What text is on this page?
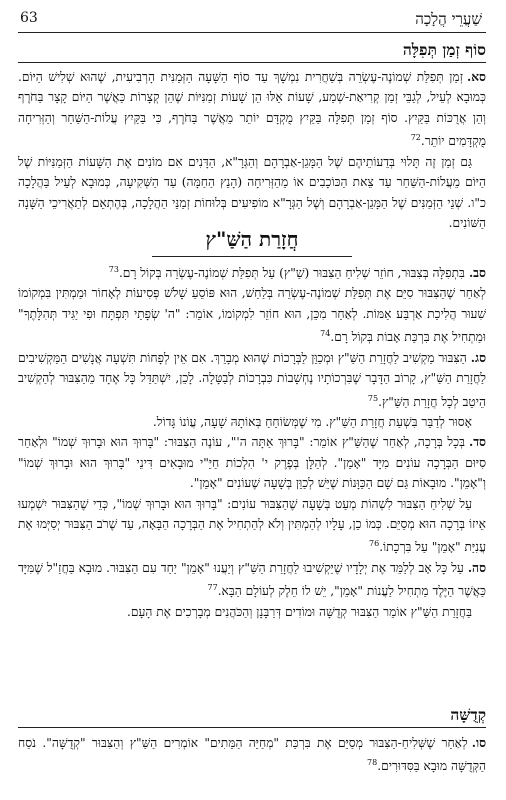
שַׁעֲרֵי הֲלָכָה
63
סוֹף זְמַן תְּפִלָּה

סא.זְמַן תְּפִלַּת שְׁמוֹנֶה-עֶשְׂרֵה בְּשַׁחֲרִית נִמְשָׁךְ עַד סוֹף הַשָּׁעָה הַזְּמַנִּית הָרְבִיעִית, שֶׁהוּא שְׁלִישׁ הַיּוֹם. כְּמוּבָא לְעֵיל, לְגַבֵּי זְמַן קְרִיאַת-שְׁמַע, שָׁעוֹת אֵלּוּ הֵן שָׁעוֹת זְמַנִּיּוֹת שֶׁהֵן קְצָרוֹת כַּאֲשֶׁר הַיּוֹם קָצָר בַּחֹרֶף וְהֵן אֲרֻכּוֹת בַּקַּיִץ. סוֹף זְמַן תְּפִלָּה בַּקַּיִץ מֻקְדָּם יוֹתֵר מֵאֲשֶׁר בַּחֹרֶף, כִּי בַּקַּיִץ עֲלוֹת-הַשַּׁחַר וְהַזְּרִיחָה מֻקְדָּמִים יוֹתֵר.$^{72}$

גַּם זְמַן זֶה תָּלוּי בְּדֵעוֹתֵיהֶם שֶׁל הַמָּגֵן-אַבְרָהָם וְהַגְּרָ"א, הַדָּנִים אִם מוֹנִים אֶת הַשָּׁעוֹת הַזְּמַנִּיּוֹת שֶׁל הַיּוֹם מֵעֲלוֹת-הַשַּׁחַר עַד צֵאת הַכּוֹכָבִים אוֹ מֵהַזְּרִיחָה (הָנֵץ הַחַמָּה) עַד הַשְּׁקִיעָה, כְּמוּבָא לְעֵיל בַּהֲלָכָה כ"ו. שְׁנֵי הַזְּמַנִּים שֶׁל הַמָּגֵן-אַבְרָהָם וְשֶׁל הַגְּרָ"א מוֹפִיעִים בְּלוּחוֹת זְמַנֵּי הַהֲלָכָה, בְּהֶתְאֵם לְתַאֲרִיכֵי הַשָּׁנָה הַשּׁוֹנִים.

חֲזָרַת הַשַּׁ"ץ

סב.בִּתְפִלָּה בְּצִבּוּר, חוֹזֵר שְׁלִיחַ הַצִּבּוּר (שַׁ"ץ) עַל תְּפִלַּת שְׁמוֹנֶה-עֶשְׂרֵה בְּקוֹל רָם.$^{73}$

לְאַחַר שֶׁהַצִּבּוּר סִיֵּם אֶת תְּפִלַּת שְׁמוֹנֶה-עֶשְׂרֵה בְּלַחַשׁ, הוּא פּוֹסֵעַ שָׁלֹשׁ פְּסִיעוֹת לְאָחוֹר וּמַמְתִּין בִּמְקוֹמוֹ שִׁעוּר הֲלִיכַת אַרְבַּע אַמּוֹת. לְאַחַר מִכֵּן, הוּא חוֹזֵר לִמְקוֹמוֹ, אוֹמֵר: "ה' שְׂפָתַי תִּפְתָּח וּפִי יַגִּיד תְּהִלָּתֶךָ" וּמַתְחִיל אֶת בִּרְכַּת אָבוֹת בְּקוֹל רָם.$^{74}$

סג.הַצִּבּוּר מַקְשִׁיב לַחֲזָרַת הַשַּׁ"ץ וּמְכַוֵּן לַבְּרָכוֹת שֶׁהוּא מְבָרֵךְ. אִם אֵין לְפָחוֹת תִּשְׁעָה אֲנָשִׁים הַמַּקְשִׁיבִים לַחֲזָרַת הַשַּׁ"ץ, קָרוֹב הַדָּבָר שֶׁבִּרְכוֹתָיו נֶחְשָׁבוֹת כִּבְרָכוֹת לְבַטָּלָה. לָכֵן, יִשְׁתַּדֵּל כָּל אֶחָד מֵהַצִּבּוּר לְהַקְשִׁיב הֵיטֵב לְכָל חֲזָרַת הַשַּׁ"ץ.$^{75}$

אָסוּר לְדַבֵּר בִּשְׁעַת חֲזָרַת הַשַּׁ"ץ. מִי שֶׁמְּשׂוֹחֵחַ בְּאוֹתָהּ שָׁעָה, עֲוֹנוֹ גָּדוֹל.

סד.בְּכָל בְּרָכָה, לְאַחַר שֶׁהַשַּׁ"ץ אוֹמֵר: "בָּרוּךְ אַתָּה ה'", עוֹנֶה הַצִּבּוּר: "בָּרוּךְ הוּא וּבָרוּךְ שְׁמוֹ" וּלְאַחַר סִיּוּם הַבְּרָכָה עוֹנִים מִיָּד "אָמֵן". לְהַלָּן בְּפֶרֶק י' הִלְכוֹת חַיֵּ"י מוּבָאִים דִּינֵי "בָּרוּךְ הוּא וּבָרוּךְ שְׁמוֹ" וְ"אָמֵן". מוּבָאוֹת גַּם שָׁם הַכַּוָּנוֹת שֶׁיֵּשׁ לְכַוֵּן בְּשָׁעָה שֶׁעוֹנִים "אָמֵן".

עַל שְׁלִיחַ הַצִּבּוּר לִשְׁהוֹת מְעַט בְּשָׁעָה שֶׁהַצִּבּוּר עוֹנִים: "בָּרוּךְ הוּא וּבָרוּךְ שְׁמוֹ", כְּדֵי שֶׁהַצִּבּוּר יִשְׁמְעוּ אֵיזוֹ בְּרָכָה הוּא מְסַיֵּם. כְּמוֹ כֵן, עָלָיו לְהַמְתִּין וְלֹא לְהַתְחִיל אֶת הַבְּרָכָה הַבָּאָה, עַד שֶׁרֹב הַצִּבּוּר יְסַיְּמוּ אֶת עֲנִיַּת "אָמֵן" עַל בִּרְכָתוֹ.$^{76}$

סה.עַל כָּל אָב לְלַמֵּד אֶת יְלָדָיו שֶׁיַּקְשִׁיבוּ לַחֲזָרַת הַשַּׁ"ץ וְיַעֲנוּ "אָמֵן" יַחַד עִם הַצִּבּוּר. מוּבָא בַּחֲזַ"ל שֶׁמִּיָּד כַּאֲשֶׁר הַיֶּלֶד מַתְחִיל לַעֲנוֹת "אָמֵן", יֵשׁ לוֹ חֵלֶק לְעוֹלָם הַבָּא.$^{77}$

בַּחֲזָרַת הַשַּׁ"ץ אוֹמֵר הַצִּבּוּר קְדֻשָּׁה וּמוֹדִים דְּרַבָּנָן וְהַכֹּהֲנִים מְבָרְכִים אֶת הָעָם.

קְדֻשָּׁה

סו.לְאַחַר שֶׁשְּׁלִיחַ-הַצִּבּוּר מְסַיֵּם אֶת בִּרְכַּת "מְחַיֵּה הַמֵּתִים" אוֹמְרִים הַשַּׁ"ץ וְהַצִּבּוּר "קְדֻשָּׁה". נֹסַח הַקְּדֻשָּׁה מוּבָא בַּסִּדּוּרִים.$^{78}$
